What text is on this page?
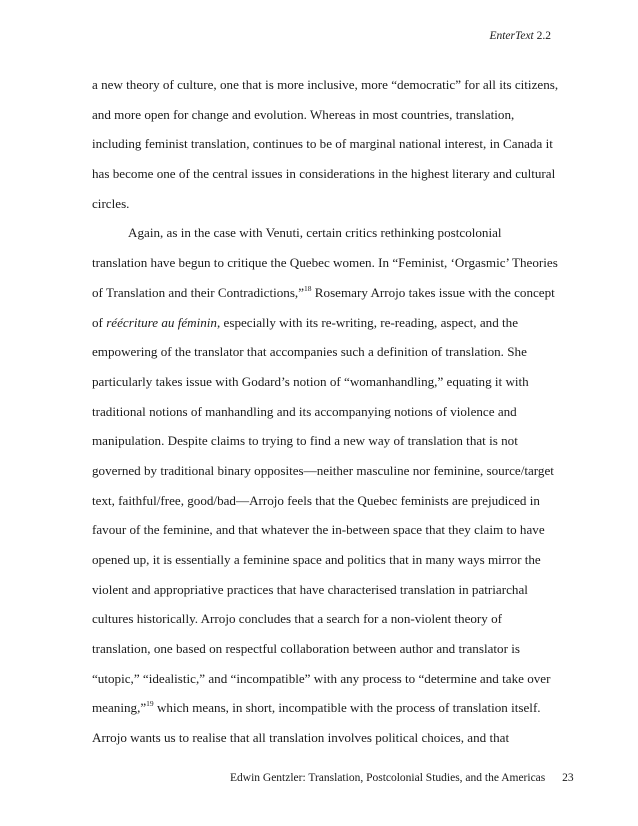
EnterText 2.2
a new theory of culture, one that is more inclusive, more “democratic” for all its citizens,
and more open for change and evolution. Whereas in most countries, translation,
including feminist translation, continues to be of marginal national interest, in Canada it
has become one of the central issues in considerations in the highest literary and cultural
circles.
Again, as in the case with Venuti, certain critics rethinking postcolonial
translation have begun to critique the Quebec women. In “Feminist, ‘Orgasmic’ Theories
of Translation and their Contradictions,”$^{18}$ Rosemary Arrojo takes issue with the concept
of réécriture au féminin, especially with its re-writing, re-reading, aspect, and the
empowering of the translator that accompanies such a definition of translation. She
particularly takes issue with Godard’s notion of “womanhandling,” equating it with
traditional notions of manhandling and its accompanying notions of violence and
manipulation. Despite claims to trying to find a new way of translation that is not
governed by traditional binary opposites—neither masculine nor feminine, source/target
text, faithful/free, good/bad—Arrojo feels that the Quebec feminists are prejudiced in
favour of the feminine, and that whatever the in-between space that they claim to have
opened up, it is essentially a feminine space and politics that in many ways mirror the
violent and appropriative practices that have characterised translation in patriarchal
cultures historically. Arrojo concludes that a search for a non-violent theory of
translation, one based on respectful collaboration between author and translator is
“utopic,” “idealistic,” and “incompatible” with any process to “determine and take over
meaning,”$^{19}$ which means, in short, incompatible with the process of translation itself.
Arrojo wants us to realise that all translation involves political choices, and that
Edwin Gentzler: Translation, Postcolonial Studies, and the Americas 23
